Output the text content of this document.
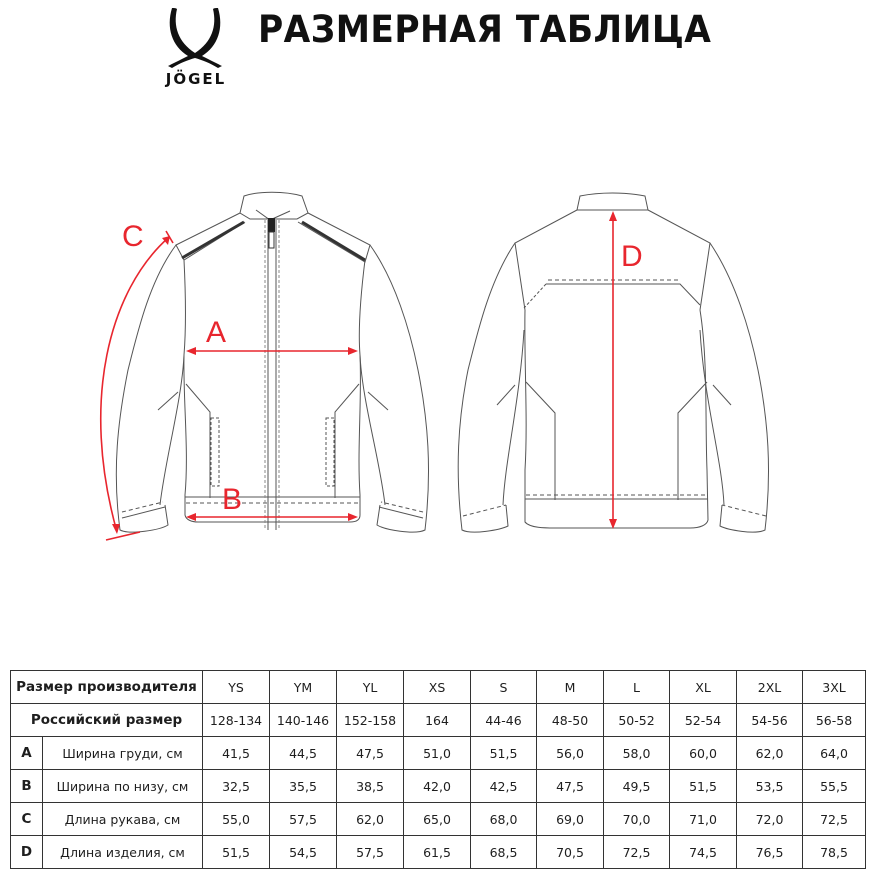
JÖGEL
РАЗМЕРНАЯ ТАБЛИЦА
C
A
B
D
Размер производителя		YS	YM	YL	XS	S	M	L	XL	2XL	3XL
Российский размер		128-134	140-146	152-158	164	44-46	48-50	50-52	52-54	54-56	56-58
A	Ширина груди, см	41,5	44,5	47,5	51,0	51,5	56,0	58,0	60,0	62,0	64,0
B	Ширина по низу, см	32,5	35,5	38,5	42,0	42,5	47,5	49,5	51,5	53,5	55,5
C	Длина рукава, см	55,0	57,5	62,0	65,0	68,0	69,0	70,0	71,0	72,0	72,5
D	Длина изделия, см	51,5	54,5	57,5	61,5	68,5	70,5	72,5	74,5	76,5	78,5
